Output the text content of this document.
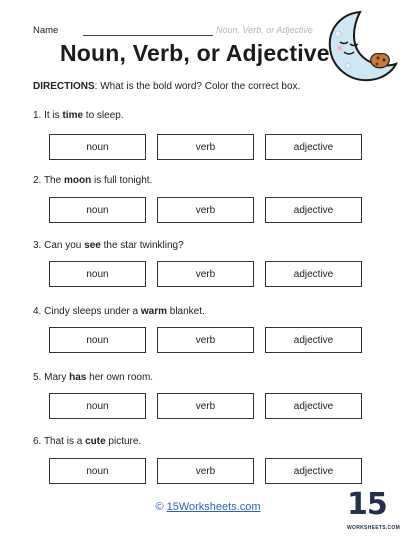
Name	Noun, Verb, or Adjective
Noun, Verb, or Adjective
DIRECTIONS: What is the bold word? Color the correct box.
1. It is time to sleep.
noun	verb	adjective
2. The moon is full tonight.
noun	verb	adjective
3. Can you see the star twinkling?
noun	verb	adjective
4. Cindy sleeps under a warm blanket.
noun	verb	adjective
5. Mary has her own room.
noun	verb	adjective
6. That is a cute picture.
noun	verb	adjective
© 15Worksheets.com	15
WORKSHEETS.COM
